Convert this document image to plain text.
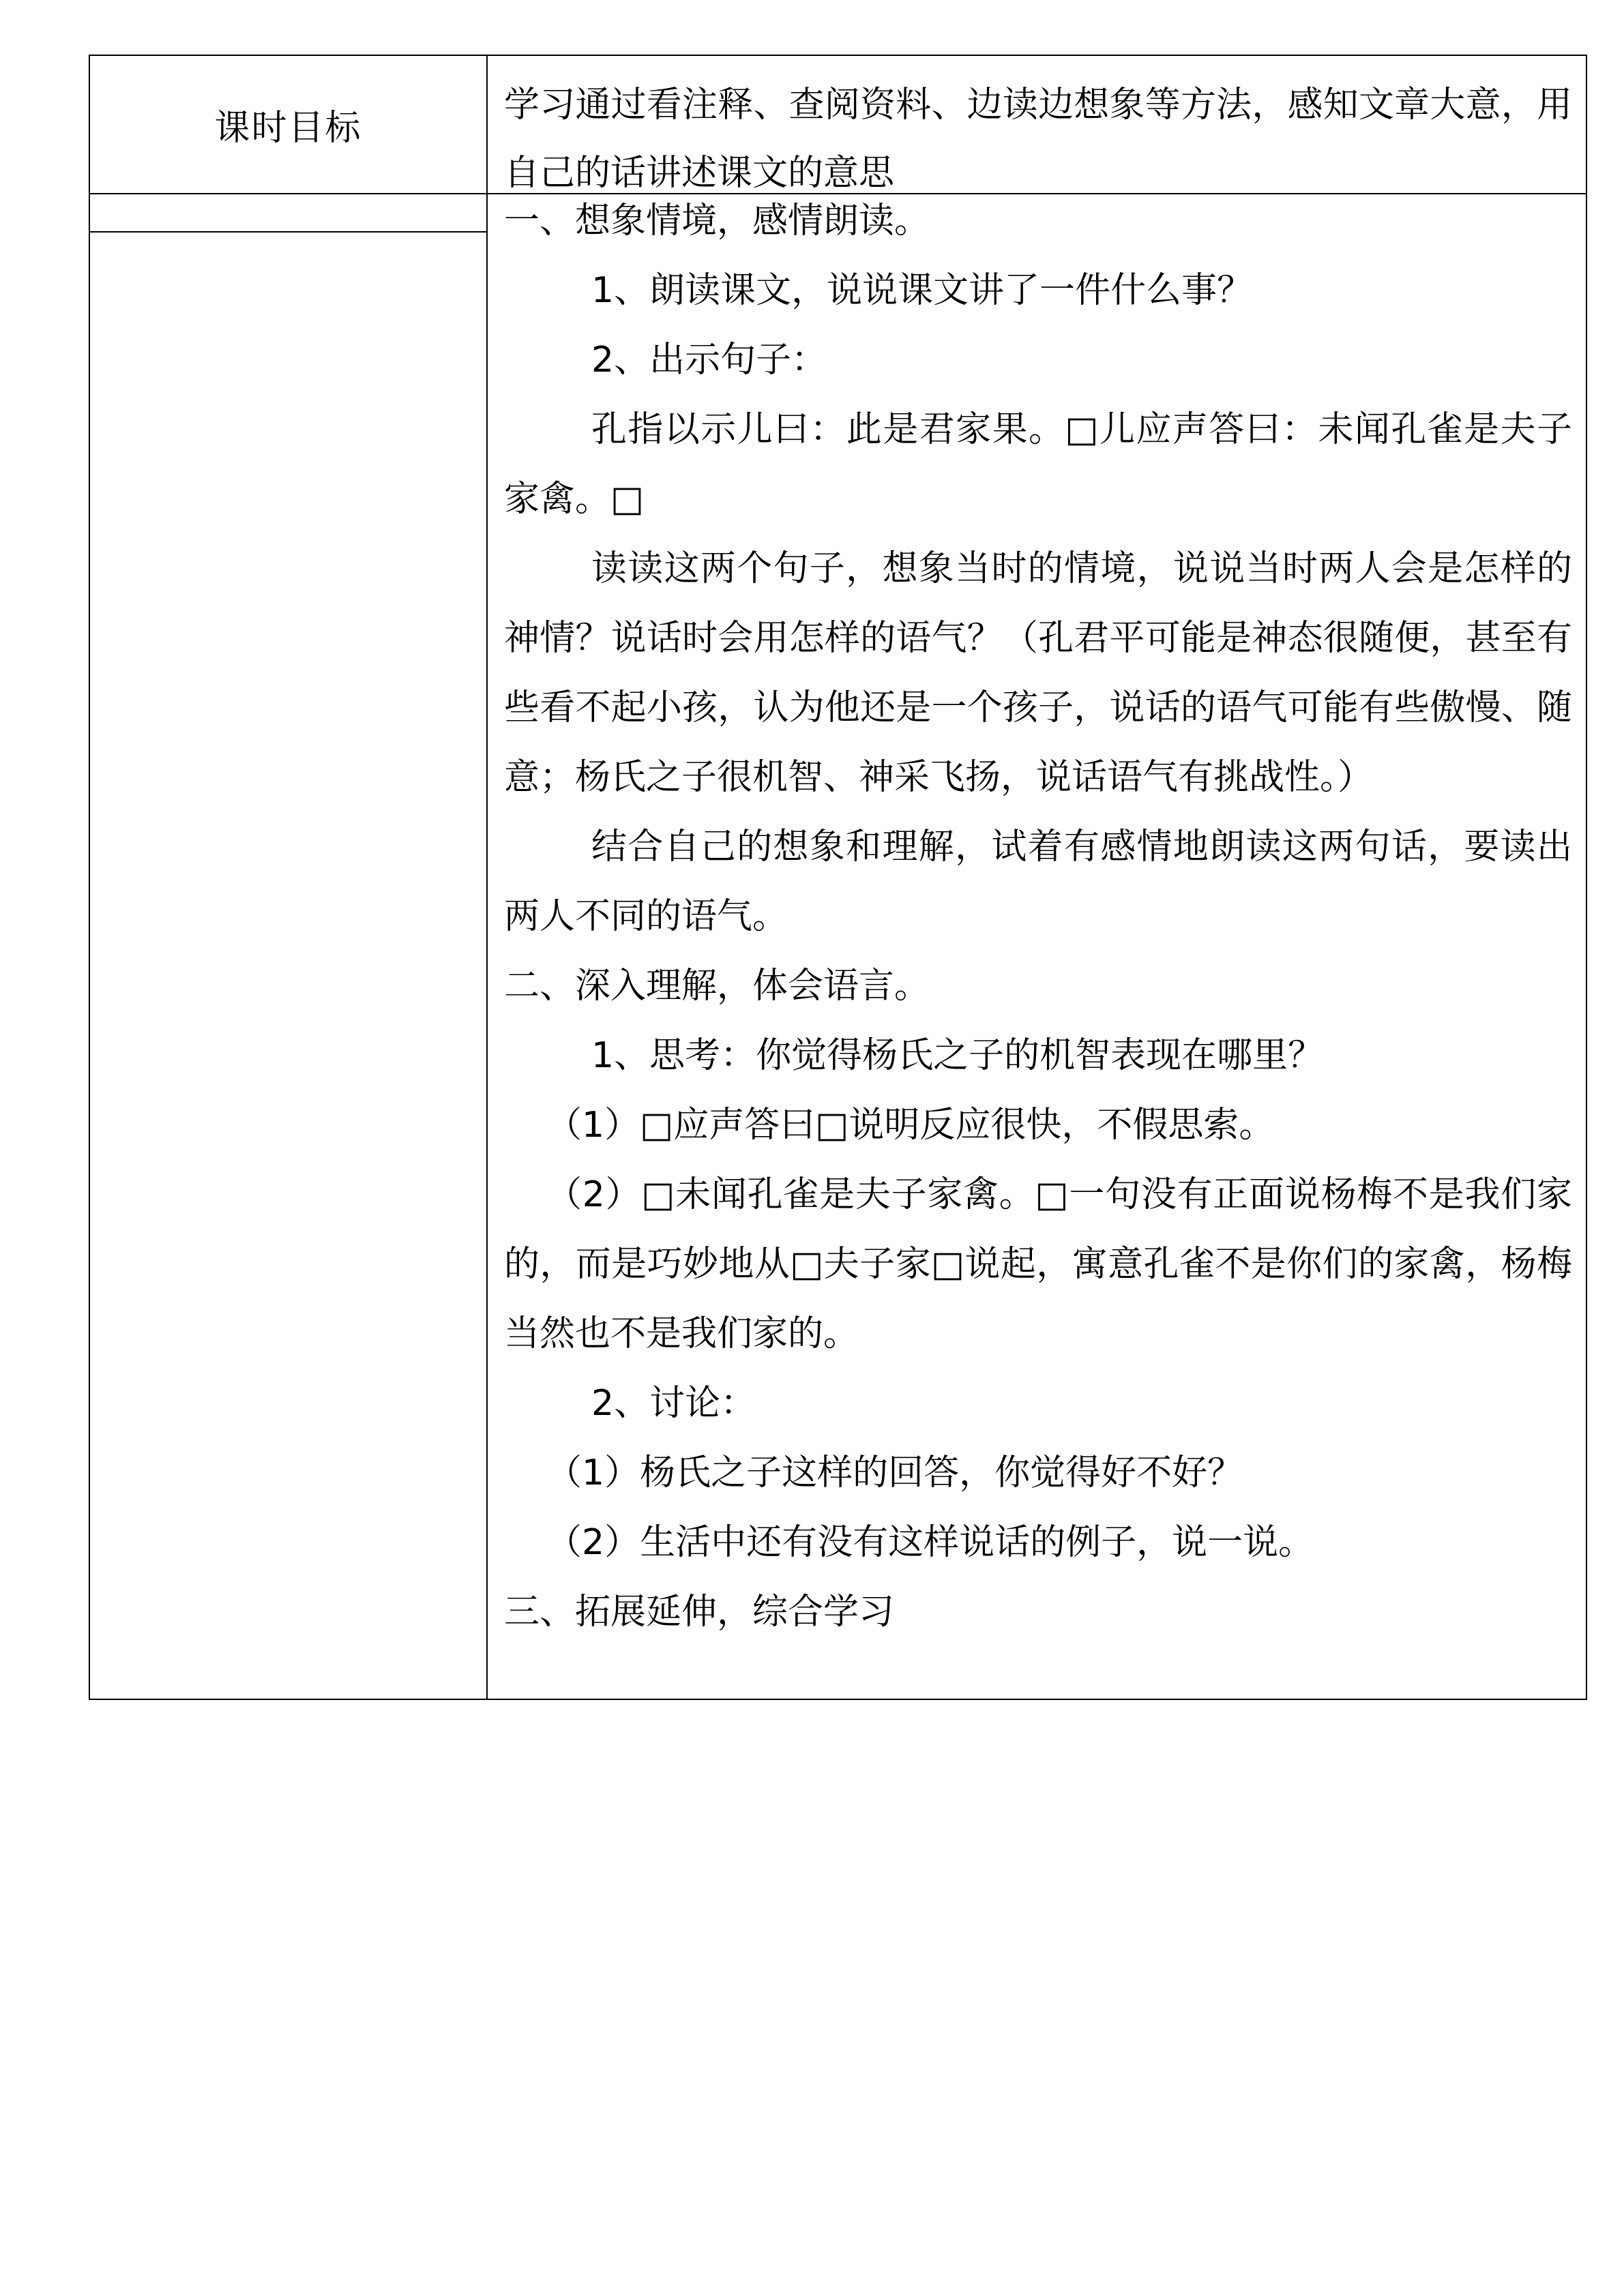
课时目标

学习通过看注释、查阅资料、边读边想象等方法，感知文章大意，用自己的话讲述课文的意思

一、想象情境，感情朗读。

1、朗读课文，说说课文讲了一件什么事？

2、出示句子：

孔指以示儿曰：此是君家果。□儿应声答曰：未闻孔雀是夫子家禽。□

读读这两个句子，想象当时的情境，说说当时两人会是怎样的神情？说话时会用怎样的语气？（孔君平可能是神态很随便，甚至有些看不起小孩，认为他还是一个孩子，说话的语气可能有些傲慢、随意；杨氏之子很机智、神采飞扬，说话语气有挑战性。）

结合自己的想象和理解，试着有感情地朗读这两句话，要读出两人不同的语气。

二、深入理解，体会语言。

1、思考：你觉得杨氏之子的机智表现在哪里？

（1）□应声答曰□说明反应很快，不假思索。

（2）□未闻孔雀是夫子家禽。□一句没有正面说杨梅不是我们家的，而是巧妙地从□夫子家□说起，寓意孔雀不是你们的家禽，杨梅当然也不是我们家的。

2、讨论：

（1）杨氏之子这样的回答，你觉得好不好？

（2）生活中还有没有这样说话的例子，说一说。

三、拓展延伸，综合学习
